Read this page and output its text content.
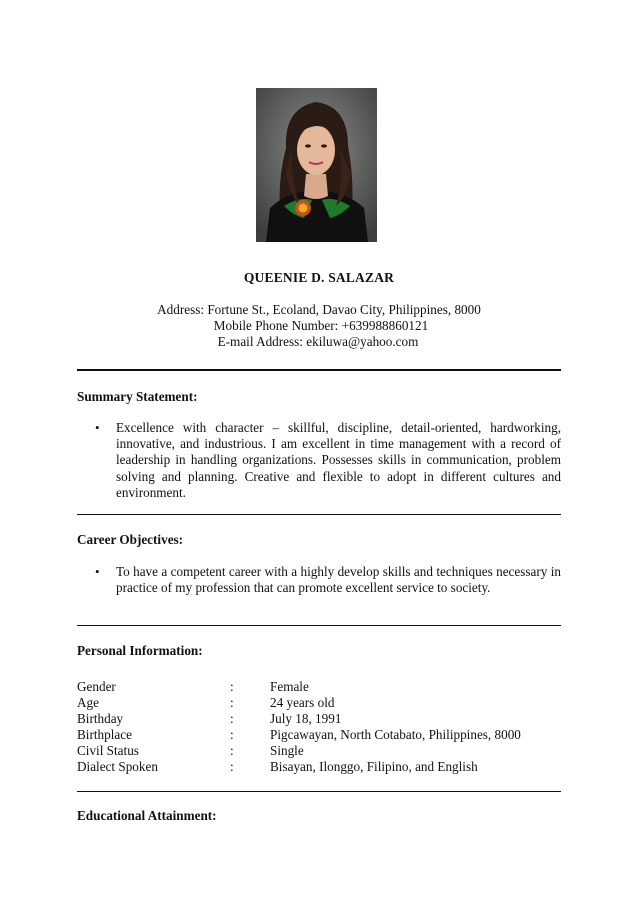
QUEENIE D. SALAZAR
Address: Fortune St., Ecoland, Davao City, Philippines, 8000
Mobile Phone Number: +639988860121
E-mail Address: ekiluwa@yahoo.com
Summary Statement:
• Excellence with character – skillful, discipline, detail-oriented, hardworking, innovative, and industrious. I am excellent in time management with a record of leadership in handling organizations. Possesses skills in communication, problem solving and planning. Creative and flexible to adopt in different cultures and environment.
Career Objectives:
• To have a competent career with a highly develop skills and techniques necessary in practice of my profession that can promote excellent service to society.
Personal Information:
Gender	:	Female
Age	:	24 years old
Birthday	:	July 18, 1991
Birthplace	:	Pigcawayan, North Cotabato, Philippines, 8000
Civil Status	:	Single
Dialect Spoken	:	Bisayan, Ilonggo, Filipino, and English
Educational Attainment:
